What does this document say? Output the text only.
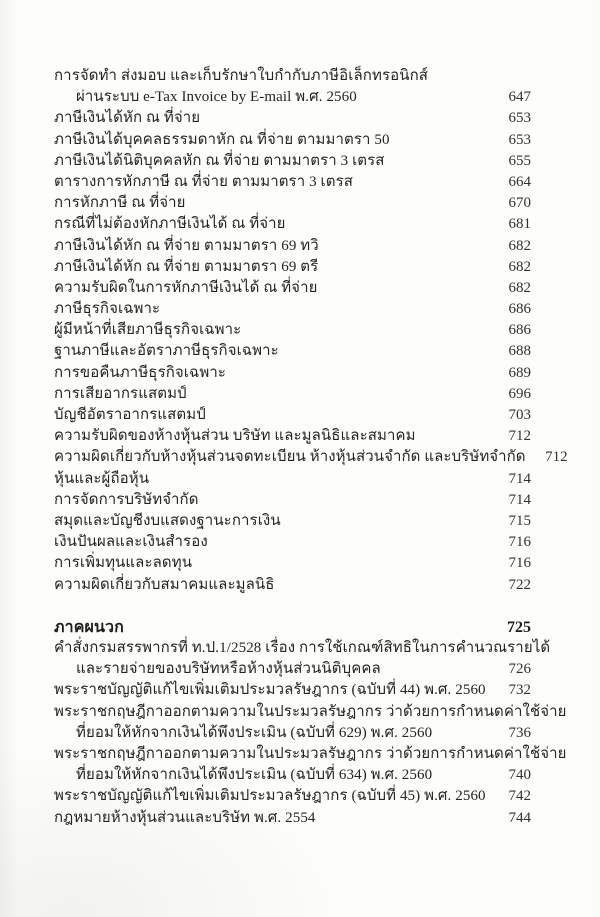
การจัดทำ ส่งมอบ และเก็บรักษาใบกำกับภาษีอิเล็กทรอนิกส์
ผ่านระบบ e-Tax Invoice by E-mail พ.ศ. 2560	647
ภาษีเงินได้หัก ณ ที่จ่าย	653
ภาษีเงินได้บุคคลธรรมดาหัก ณ ที่จ่าย ตามมาตรา 50	653
ภาษีเงินได้นิติบุคคลหัก ณ ที่จ่าย ตามมาตรา 3 เตรส	655
ตารางการหักภาษี ณ ที่จ่าย ตามมาตรา 3 เตรส	664
การหักภาษี ณ ที่จ่าย	670
กรณีที่ไม่ต้องหักภาษีเงินได้ ณ ที่จ่าย	681
ภาษีเงินได้หัก ณ ที่จ่าย ตามมาตรา 69 ทวิ	682
ภาษีเงินได้หัก ณ ที่จ่าย ตามมาตรา 69 ตรี	682
ความรับผิดในการหักภาษีเงินได้ ณ ที่จ่าย	682
ภาษีธุรกิจเฉพาะ	686
ผู้มีหน้าที่เสียภาษีธุรกิจเฉพาะ	686
ฐานภาษีและอัตราภาษีธุรกิจเฉพาะ	688
การขอคืนภาษีธุรกิจเฉพาะ	689
การเสียอากรแสตมป์	696
บัญชีอัตราอากรแสตมป์	703
ความรับผิดของห้างหุ้นส่วน บริษัท และมูลนิธิและสมาคม	712
ความผิดเกี่ยวกับห้างหุ้นส่วนจดทะเบียน ห้างหุ้นส่วนจำกัด และบริษัทจำกัด	712
หุ้นและผู้ถือหุ้น	714
การจัดการบริษัทจำกัด	714
สมุดและบัญชีงบแสดงฐานะการเงิน	715
เงินปันผลและเงินสำรอง	716
การเพิ่มทุนและลดทุน	716
ความผิดเกี่ยวกับสมาคมและมูลนิธิ	722
ภาคผนวก	725
คำสั่งกรมสรรพากรที่ ท.ป.1/2528 เรื่อง การใช้เกณฑ์สิทธิในการคำนวณรายได้
และรายจ่ายของบริษัทหรือห้างหุ้นส่วนนิติบุคคล	726
พระราชบัญญัติแก้ไขเพิ่มเติมประมวลรัษฎากร (ฉบับที่ 44) พ.ศ. 2560	732
พระราชกฤษฎีกาออกตามความในประมวลรัษฎากร ว่าด้วยการกำหนดค่าใช้จ่าย
ที่ยอมให้หักจากเงินได้พึงประเมิน (ฉบับที่ 629) พ.ศ. 2560	736
พระราชกฤษฎีกาออกตามความในประมวลรัษฎากร ว่าด้วยการกำหนดค่าใช้จ่าย
ที่ยอมให้หักจากเงินได้พึงประเมิน (ฉบับที่ 634) พ.ศ. 2560	740
พระราชบัญญัติแก้ไขเพิ่มเติมประมวลรัษฎากร (ฉบับที่ 45) พ.ศ. 2560	742
กฎหมายห้างหุ้นส่วนและบริษัท พ.ศ. 2554	744
